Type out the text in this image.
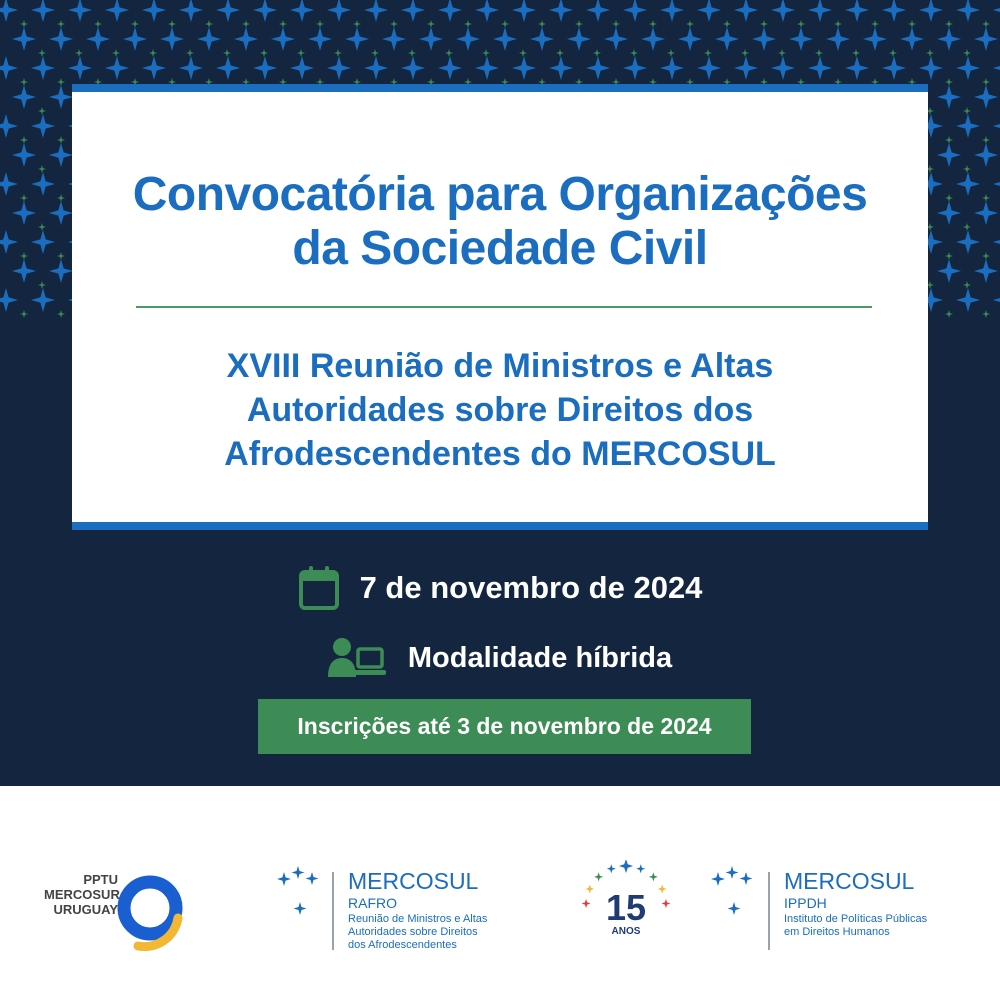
Convocatória para Organizações
da Sociedade Civil
XVIII Reunião de Ministros e Altas
Autoridades sobre Direitos dos
Afrodescendentes do MERCOSUL
7 de novembro de 2024
Modalidade híbrida
Inscrições até 3 de novembro de 2024
PPTU
MERCOSUR
URUGUAY
MERCOSUL
RAFRO
Reunião de Ministros e Altas
Autoridades sobre Direitos
dos Afrodescendentes
15
ANOS
MERCOSUL
IPPDH
Instituto de Políticas Públicas
em Direitos Humanos
